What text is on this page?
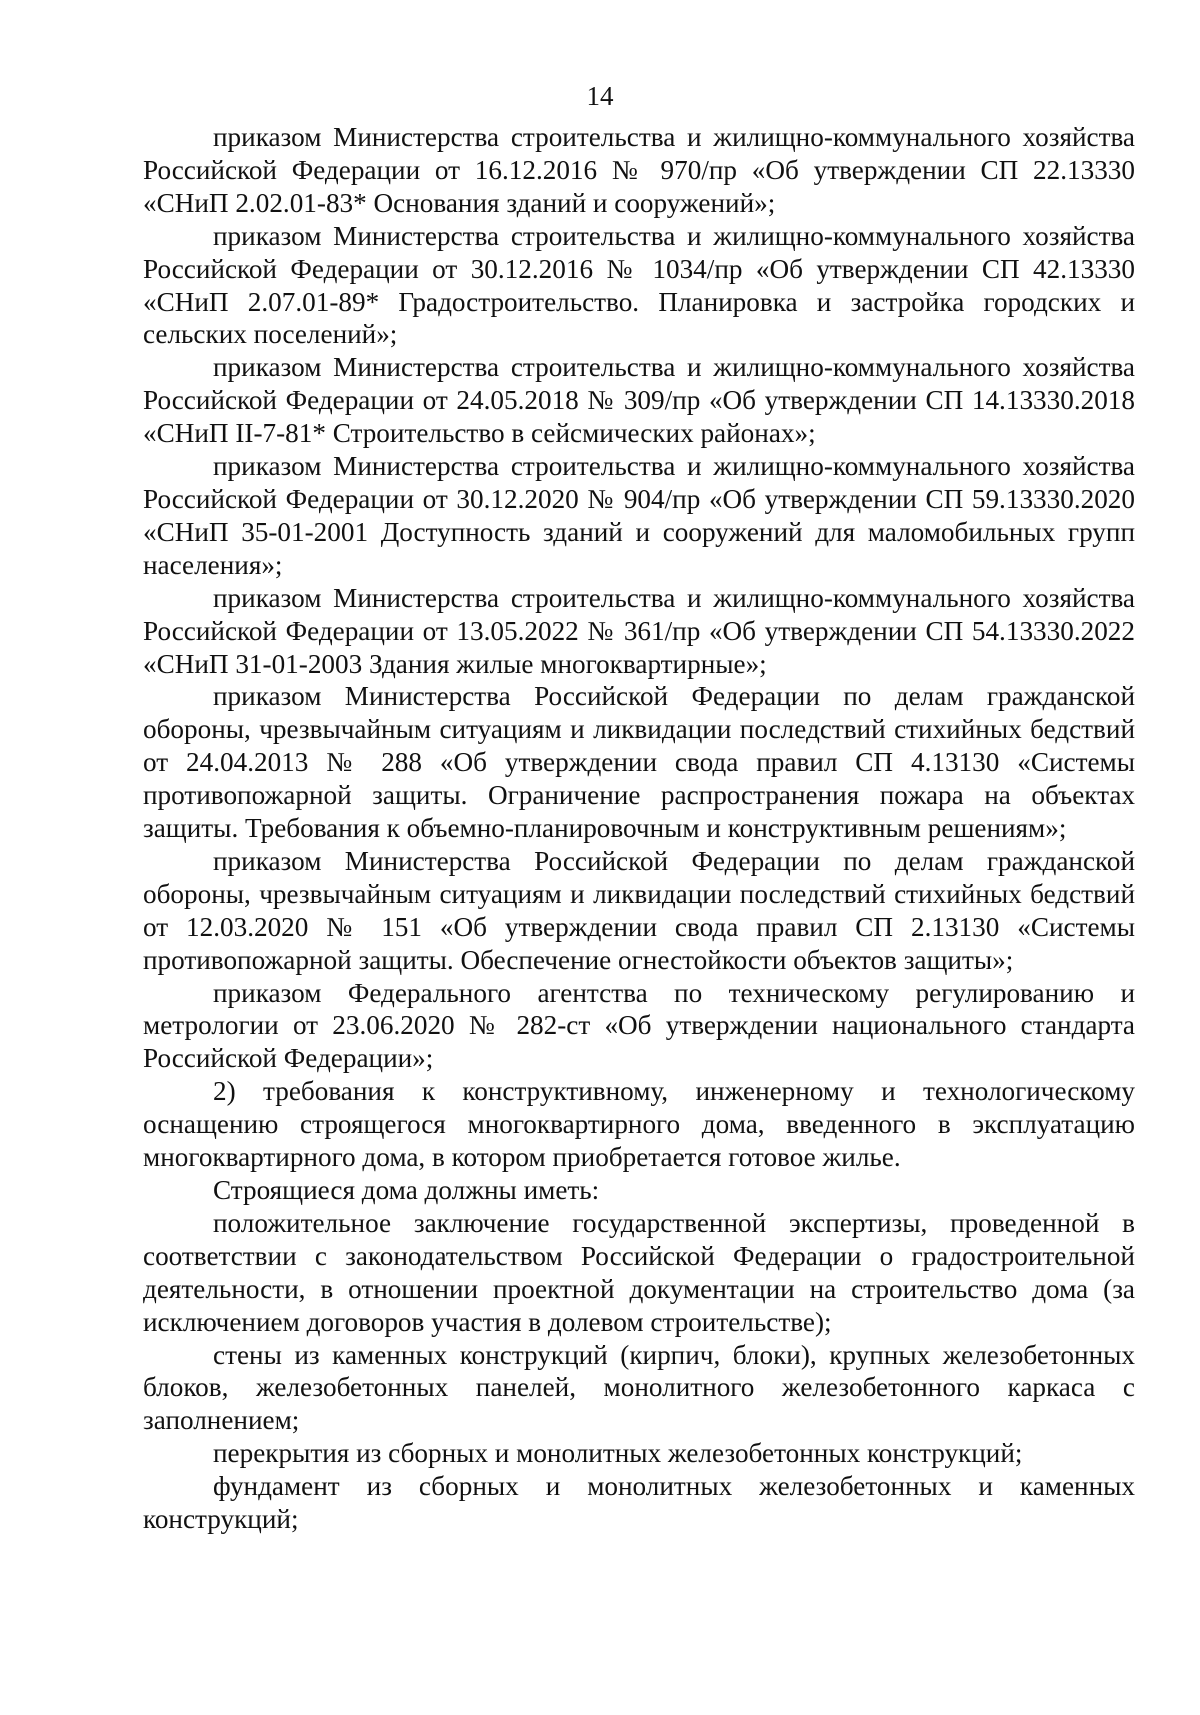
14

приказом Министерства строительства и жилищно-коммунального хозяйства Российской Федерации от 16.12.2016 № 970/пр «Об утверждении СП 22.13330 «СНиП 2.02.01-83* Основания зданий и сооружений»;

приказом Министерства строительства и жилищно-коммунального хозяйства Российской Федерации от 30.12.2016 № 1034/пр «Об утверждении СП 42.13330 «СНиП 2.07.01-89* Градостроительство. Планировка и застройка городских и сельских поселений»;

приказом Министерства строительства и жилищно-коммунального хозяйства Российской Федерации от 24.05.2018 № 309/пр «Об утверждении СП 14.13330.2018 «СНиП II-7-81* Строительство в сейсмических районах»;

приказом Министерства строительства и жилищно-коммунального хозяйства Российской Федерации от 30.12.2020 № 904/пр «Об утверждении СП 59.13330.2020 «СНиП 35-01-2001 Доступность зданий и сооружений для маломобильных групп населения»;

приказом Министерства строительства и жилищно-коммунального хозяйства Российской Федерации от 13.05.2022 № 361/пр «Об утверждении СП 54.13330.2022 «СНиП 31-01-2003 Здания жилые многоквартирные»;

приказом Министерства Российской Федерации по делам гражданской обороны, чрезвычайным ситуациям и ликвидации последствий стихийных бедствий от 24.04.2013 № 288 «Об утверждении свода правил СП 4.13130 «Системы противопожарной защиты. Ограничение распространения пожара на объектах защиты. Требования к объемно-планировочным и конструктивным решениям»;

приказом Министерства Российской Федерации по делам гражданской обороны, чрезвычайным ситуациям и ликвидации последствий стихийных бедствий от 12.03.2020 № 151 «Об утверждении свода правил СП 2.13130 «Системы противопожарной защиты. Обеспечение огнестойкости объектов защиты»;

приказом Федерального агентства по техническому регулированию и метрологии от 23.06.2020 № 282-ст «Об утверждении национального стандарта Российской Федерации»;

2) требования к конструктивному, инженерному и технологическому оснащению строящегося многоквартирного дома, введенного в эксплуатацию многоквартирного дома, в котором приобретается готовое жилье.

Строящиеся дома должны иметь:

положительное заключение государственной экспертизы, проведенной в соответствии с законодательством Российской Федерации о градостроительной деятельности, в отношении проектной документации на строительство дома (за исключением договоров участия в долевом строительстве);

стены из каменных конструкций (кирпич, блоки), крупных железобетонных блоков, железобетонных панелей, монолитного железобетонного каркаса с заполнением;

перекрытия из сборных и монолитных железобетонных конструкций;

фундамент из сборных и монолитных железобетонных и каменных конструкций;
